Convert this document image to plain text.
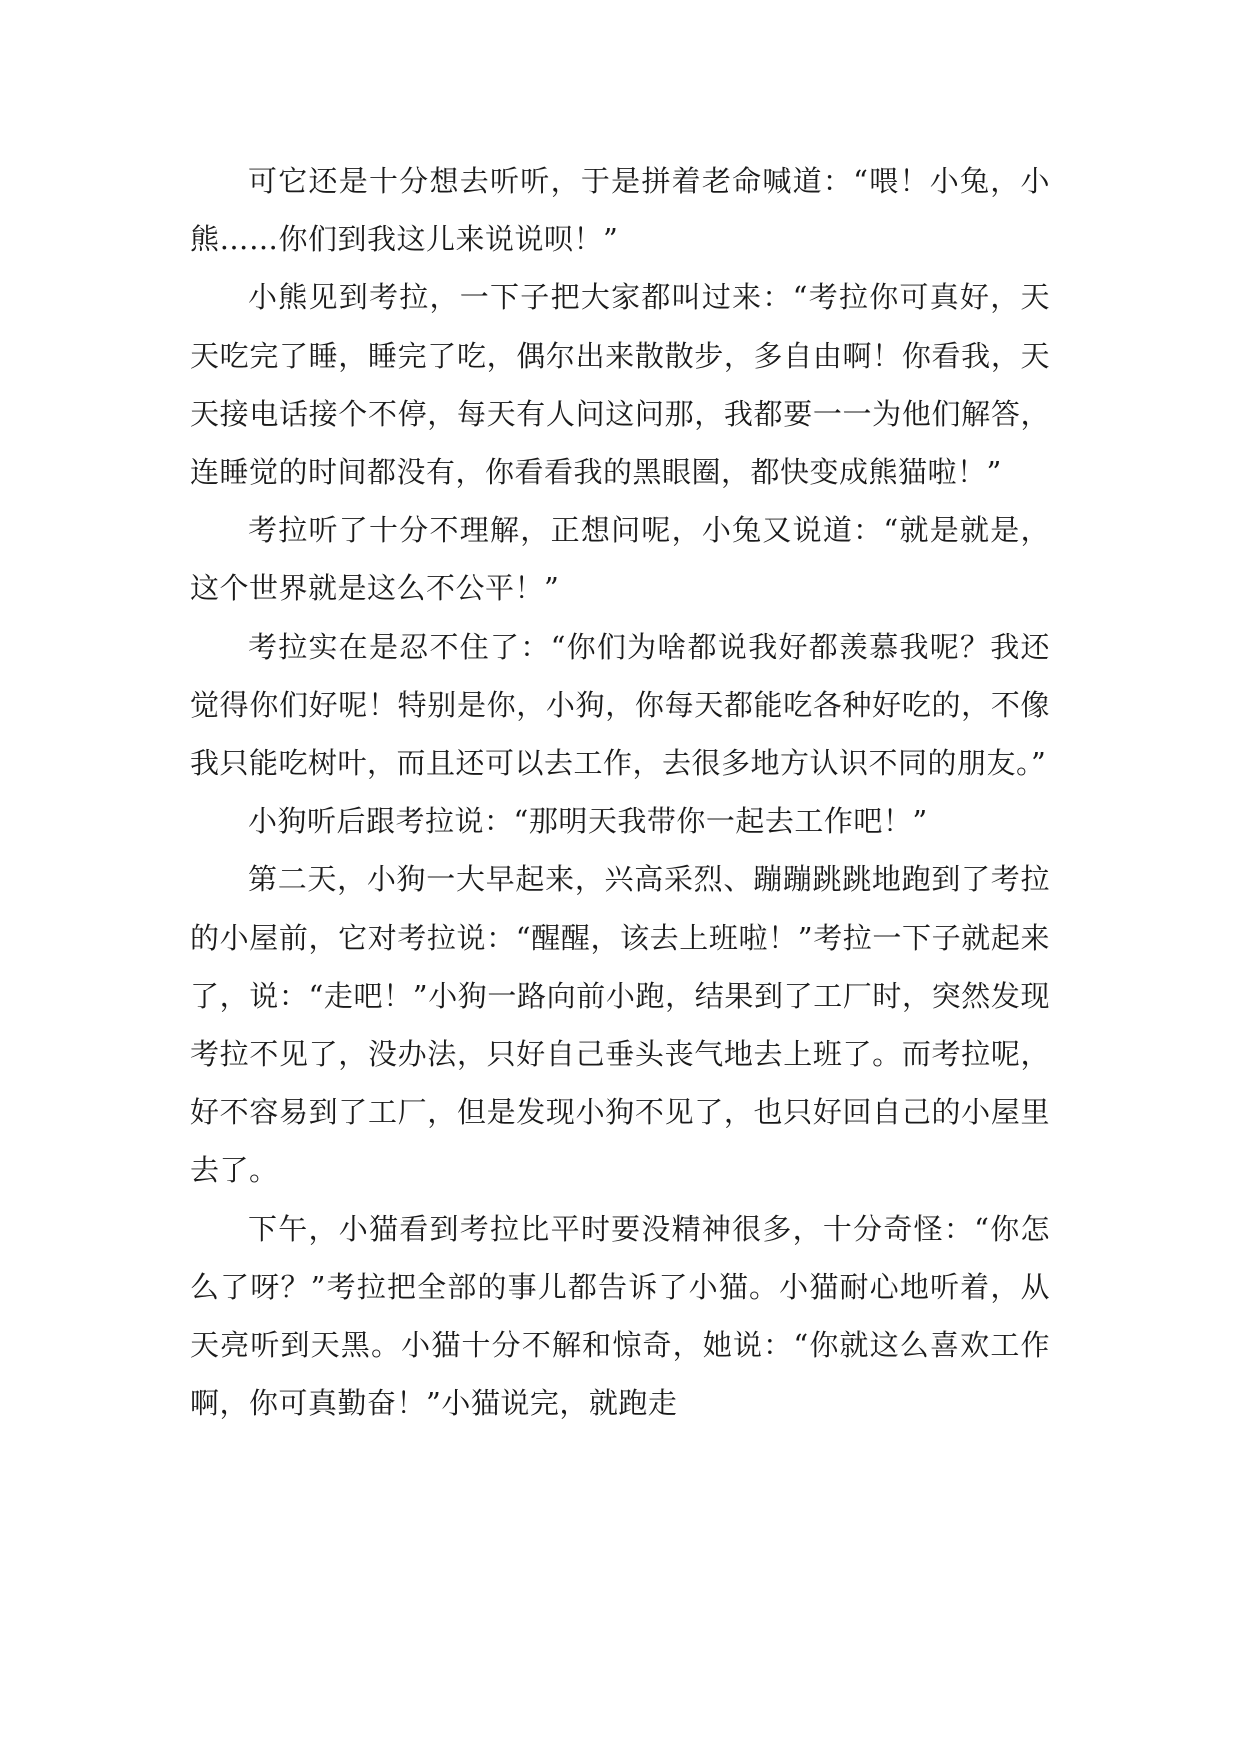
可它还是十分想去听听，于是拼着老命喊道：“喂！小兔，小熊……你们到我这儿来说说呗！”

小熊见到考拉，一下子把大家都叫过来：“考拉你可真好，天天吃完了睡，睡完了吃，偶尔出来散散步，多自由啊！你看我，天天接电话接个不停，每天有人问这问那，我都要一一为他们解答，连睡觉的时间都没有，你看看我的黑眼圈，都快变成熊猫啦！”

考拉听了十分不理解，正想问呢，小兔又说道：“就是就是，这个世界就是这么不公平！”

考拉实在是忍不住了：“你们为啥都说我好都羡慕我呢？我还觉得你们好呢！特别是你，小狗，你每天都能吃各种好吃的，不像我只能吃树叶，而且还可以去工作，去很多地方认识不同的朋友。”

小狗听后跟考拉说：“那明天我带你一起去工作吧！”

第二天，小狗一大早起来，兴高采烈、蹦蹦跳跳地跑到了考拉的小屋前，它对考拉说：“醒醒，该去上班啦！”考拉一下子就起来了，说：“走吧！”小狗一路向前小跑，结果到了工厂时，突然发现考拉不见了，没办法，只好自己垂头丧气地去上班了。而考拉呢，好不容易到了工厂，但是发现小狗不见了，也只好回自己的小屋里去了。

下午，小猫看到考拉比平时要没精神很多，十分奇怪：“你怎么了呀？”考拉把全部的事儿都告诉了小猫。小猫耐心地听着，从天亮听到天黑。小猫十分不解和惊奇，她说：“你就这么喜欢工作啊，你可真勤奋！”小猫说完，就跑走
